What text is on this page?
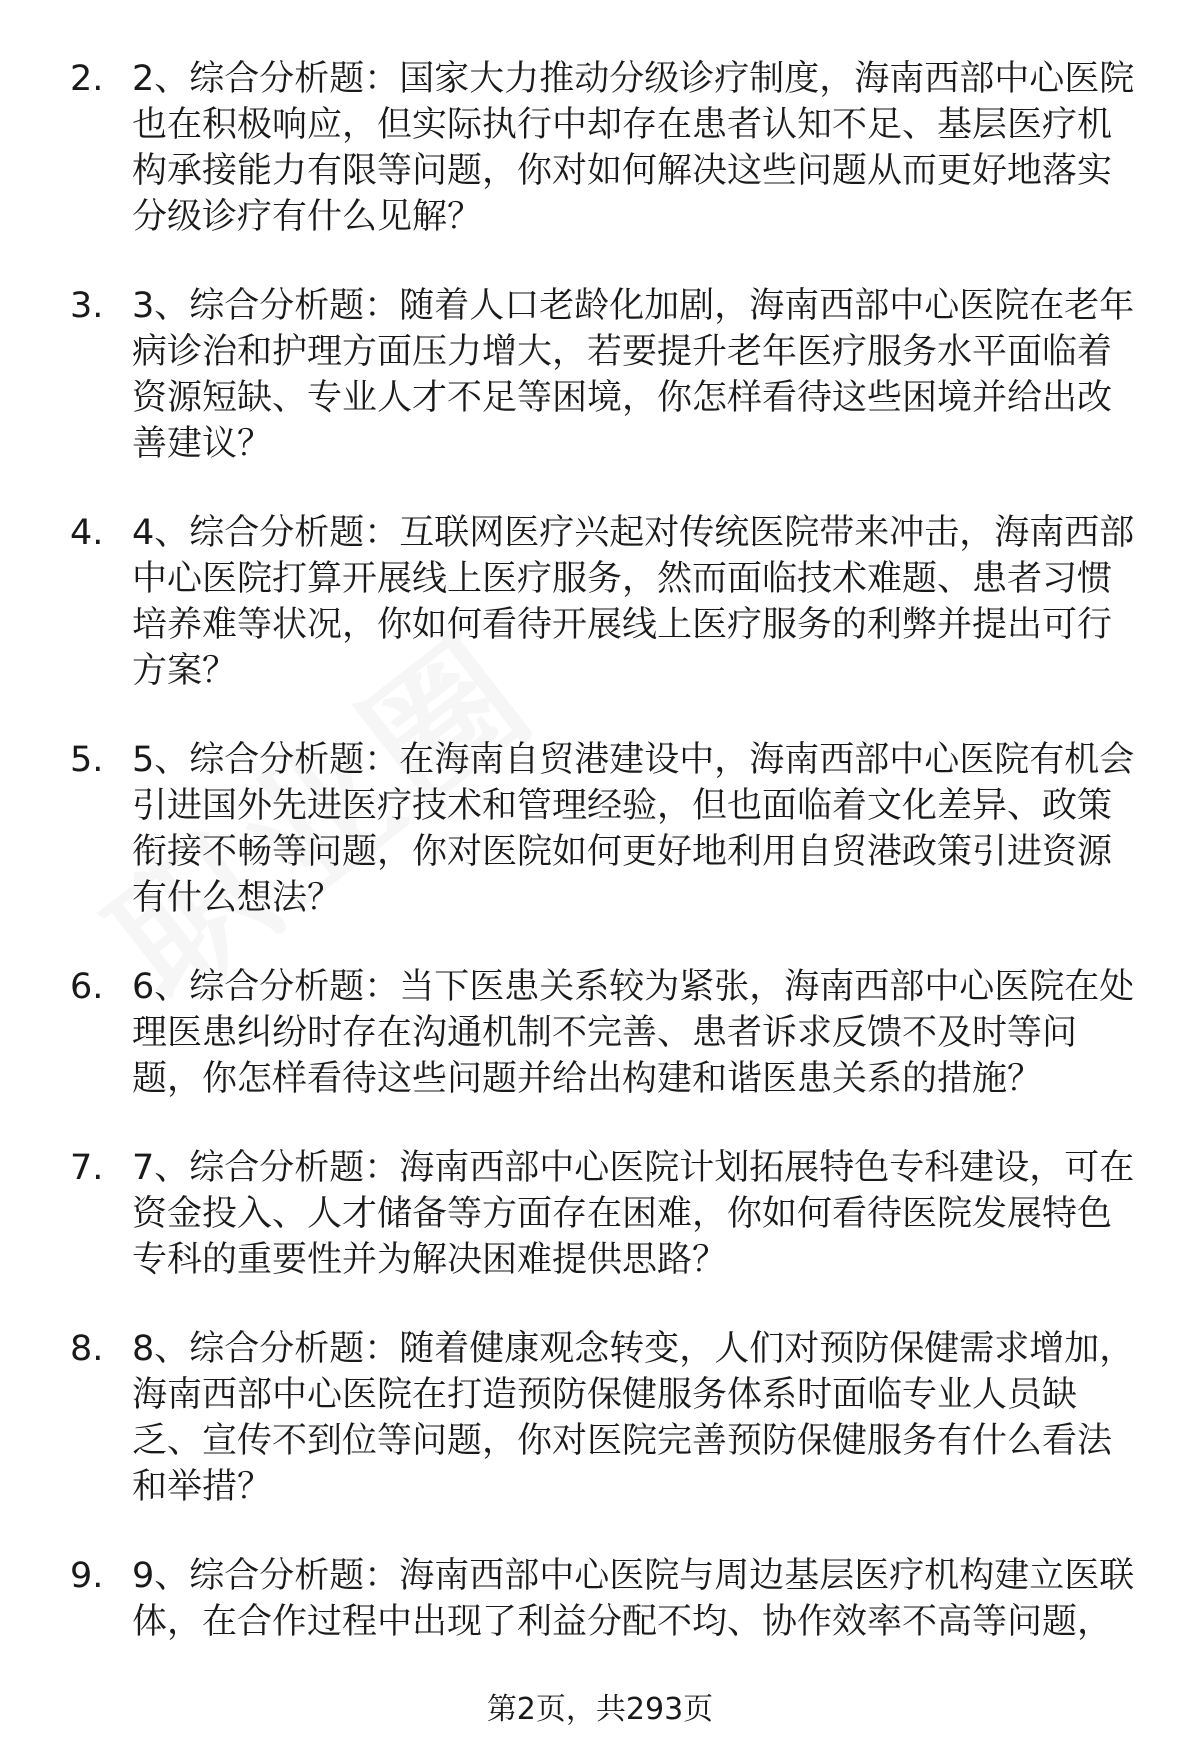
2. 2、综合分析题：国家大力推动分级诊疗制度，海南西部中心医院
也在积极响应，但实际执行中却存在患者认知不足、基层医疗机
构承接能力有限等问题，你对如何解决这些问题从而更好地落实
分级诊疗有什么见解？
3. 3、综合分析题：随着人口老龄化加剧，海南西部中心医院在老年
病诊治和护理方面压力增大，若要提升老年医疗服务水平面临着
资源短缺、专业人才不足等困境，你怎样看待这些困境并给出改
善建议？
4. 4、综合分析题：互联网医疗兴起对传统医院带来冲击，海南西部
中心医院打算开展线上医疗服务，然而面临技术难题、患者习惯
培养难等状况，你如何看待开展线上医疗服务的利弊并提出可行
方案？
5. 5、综合分析题：在海南自贸港建设中，海南西部中心医院有机会
引进国外先进医疗技术和管理经验，但也面临着文化差异、政策
衔接不畅等问题，你对医院如何更好地利用自贸港政策引进资源
有什么想法？
6. 6、综合分析题：当下医患关系较为紧张，海南西部中心医院在处
理医患纠纷时存在沟通机制不完善、患者诉求反馈不及时等问
题，你怎样看待这些问题并给出构建和谐医患关系的措施？
7. 7、综合分析题：海南西部中心医院计划拓展特色专科建设，可在
资金投入、人才储备等方面存在困难，你如何看待医院发展特色
专科的重要性并为解决困难提供思路？
8. 8、综合分析题：随着健康观念转变，人们对预防保健需求增加，
海南西部中心医院在打造预防保健服务体系时面临专业人员缺
乏、宣传不到位等问题，你对医院完善预防保健服务有什么看法
和举措？
9. 9、综合分析题：海南西部中心医院与周边基层医疗机构建立医联
体，在合作过程中出现了利益分配不均、协作效率不高等问题，
第2页，共293页
